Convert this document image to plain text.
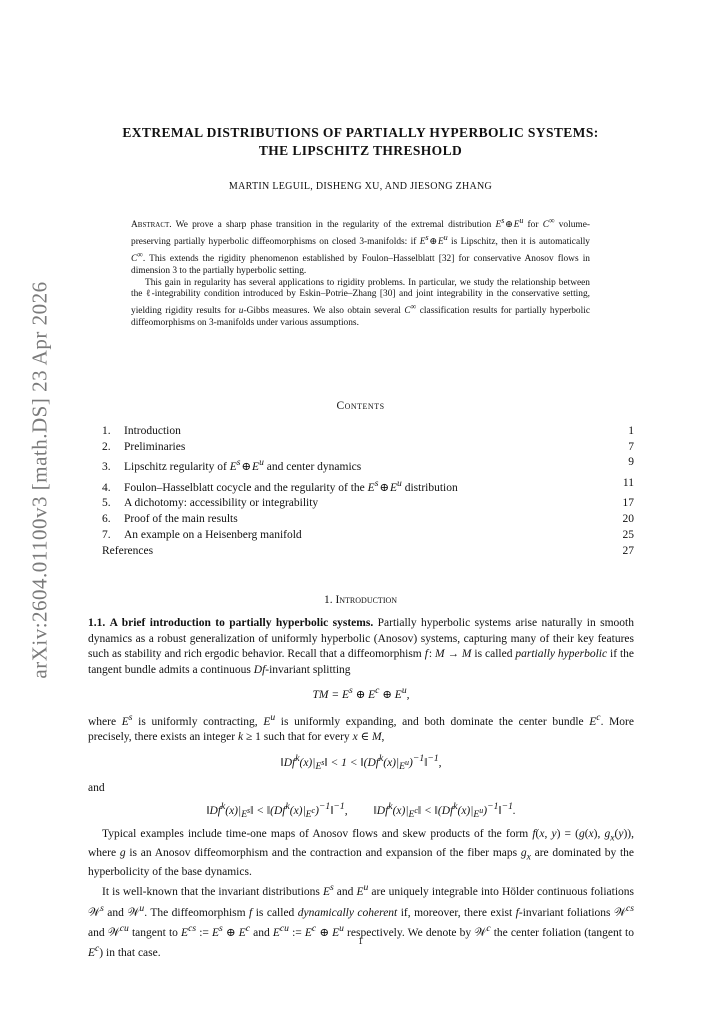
arXiv:2604.01100v3 [math.DS] 23 Apr 2026
EXTREMAL DISTRIBUTIONS OF PARTIALLY HYPERBOLIC SYSTEMS:
THE LIPSCHITZ THRESHOLD
MARTIN LEGUIL, DISHENG XU, AND JIESONG ZHANG

Abstract. We prove a sharp phase transition in the regularity of the extremal distribution $E^s$ ⊕ $E^u$ for C∞ volume-preserving partially hyperbolic diffeomorphisms on closed 3-manifolds: if $E^s$ ⊕ $E^u$ is Lipschitz, then it is automatically C∞. This extends the rigidity phenomenon established by Foulon–Hasselblatt [32] for conservative Anosov flows in dimension 3 to the partially hyperbolic setting.

This gain in regularity has several applications to rigidity problems. In particular, we study the relationship between the ℓ-integrability condition introduced by Eskin–Potrie–Zhang [30] and joint integrability in the conservative setting, yielding rigidity results for u-Gibbs measures. We also obtain several C∞ classification results for partially hyperbolic diffeomorphisms on 3-manifolds under various assumptions.

Contents
1. Introduction	1
2. Preliminaries	7
3. Lipschitz regularity of $E^s$ ⊕ $E^u$ and center dynamics	9
4. Foulon–Hasselblatt cocycle and the regularity of the $E^s$ ⊕ $E^u$ distribution	11
5. A dichotomy: accessibility or integrability	17
6. Proof of the main results	20
7. An example on a Heisenberg manifold	25
References	27
1. Introduction

1.1. A brief introduction to partially hyperbolic systems. Partially hyperbolic systems arise naturally in smooth dynamics as a robust generalization of uniformly hyperbolic (Anosov) systems, capturing many of their key features such as stability and rich ergodic behavior. Recall that a diffeomorphism f : M → M is called partially hyperbolic if the tangent bundle admits a continuous Df-invariant splitting

TM = $E^s$ ⊕ $E^c$ ⊕ $E^u$,

where $E^s$ is uniformly contracting, $E^u$ is uniformly expanding, and both dominate the center bundle $E^c$. More precisely, there exists an integer k ≥ 1 such that for every x ∈ M,

$‖Df^k(x)|_{E^s}‖ < 1$ < $‖(Df^k(x)|_{E^u})^{-1}‖^{-1}$,

and

$‖Df^k(x)|_{E^s}‖$ < $‖(Df^k(x)|_{E^c})^{-1}‖^{-1}$, $‖Df^k(x)|_{E^c}‖$ < $‖(Df^k(x)|_{E^u})^{-1}‖^{-1}$.

Typical examples include time-one maps of Anosov flows and skew products of the form f(x, y) = (g(x), $g_x(y)$), where g is an Anosov diffeomorphism and the contraction and expansion of the fiber maps $g_x$ are dominated by the hyperbolicity of the base dynamics.

It is well-known that the invariant distributions $E^s$ and $E^u$ are uniquely integrable into Hölder continuous foliations 𝒲$^s$ and 𝒲$^u$. The diffeomorphism f is called dynamically coherent if, moreover, there exist f-invariant foliations 𝒲$^{cs}$ and 𝒲$^{cu}$ tangent to $E^{cs}$ := $E^s$ ⊕ $E^c$ and $E^{cu}$ := $E^c$ ⊕ $E^u$ respectively. We denote by 𝒲$^c$ the center foliation (tangent to $E^c$) in that case.

1
